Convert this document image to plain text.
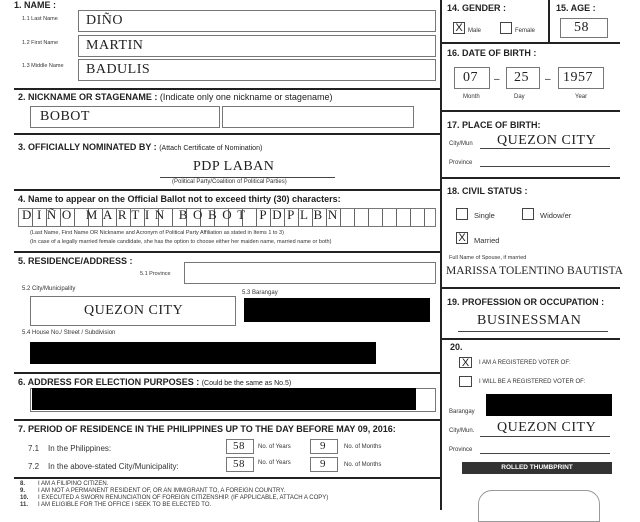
1. NAME :
1.1 Last Name DIÑO
1.2 First Name MARTIN
1.3 Middle Name BADULIS
2. NICKNAME OR STAGENAME : (Indicate only one nickname or stagename)
BOBOT
3. OFFICIALLY NOMINATED BY : (Attach Certificate of Nomination)
PDP LABAN
(Political Party/Coalition of Political Parties)
4. Name to appear on the Official Ballot not to exceed thirty (30) characters:
DIÑO MARTIN BOBOT PDPLBN
(Last Name, First Name OR Nickname and Acronym of Political Party Affiliation as stated in Items 1 to 3)
(In case of a legally married female candidate, she has the option to choose either her maiden name, married name or both)
5. RESIDENCE/ADDRESS :
5.1 Province
5.2 City/Municipality
5.3 Barangay
QUEZON CITY
5.4 House No./ Street / Subdivision
6. ADDRESS FOR ELECTION PURPOSES : (Could be the same as No.5)
7. PERIOD OF RESIDENCE IN THE PHILIPPINES UP TO THE DAY BEFORE MAY 09, 2016:
7.1 In the Philippines:	58 No. of Years	9	No. of Months
7.2 In the above-stated City/Municipality:	58 No. of Years	9	No. of Months
8. I AM A FILIPINO CITIZEN.
9. I AM NOT A PERMANENT RESIDENT OF, OR AN IMMIGRANT TO, A FOREIGN COUNTRY.
10. I EXECUTED A SWORN RENUNCIATION OF FOREIGN CITIZENSHIP. (IF APPLICABLE, ATTACH A COPY)
11. I AM ELIGIBLE FOR THE OFFICE I SEEK TO BE ELECTED TO.
14. GENDER :
X Male	Female
15. AGE :
58
16. DATE OF BIRTH :
07 – 25 – 1957
Month	Day	Year
17. PLACE OF BIRTH:
City/Mun QUEZON CITY
Province
18. CIVIL STATUS :
Single	Widow/er
X	Married
Full Name of Spouse, if married
MARISSA TOLENTINO BAUTISTA
19. PROFESSION OR OCCUPATION :
BUSINESSMAN
20.
X	I AM A REGISTERED VOTER OF:
I WILL BE A REGISTERED VOTER OF:
Barangay
City/Mun. QUEZON CITY
Province
ROLLED THUMBPRINT
